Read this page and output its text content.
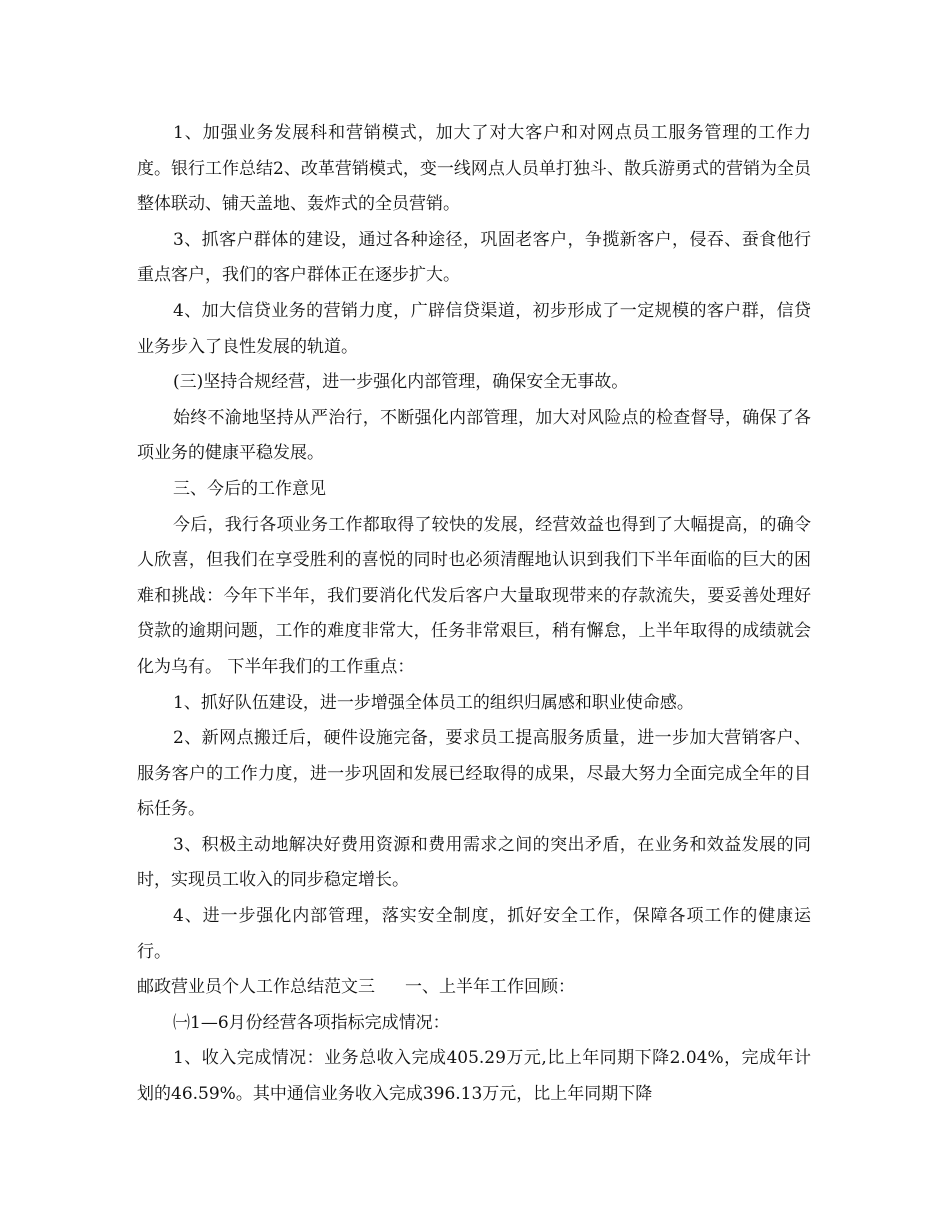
1、加强业务发展科和营销模式，加大了对大客户和对网点员工服务管理的工作力度。银行工作总结2、改革营销模式，变一线网点人员单打独斗、散兵游勇式的营销为全员整体联动、铺天盖地、轰炸式的全员营销。

3、抓客户群体的建设，通过各种途径，巩固老客户，争揽新客户，侵吞、蚕食他行重点客户，我们的客户群体正在逐步扩大。

4、加大信贷业务的营销力度，广辟信贷渠道，初步形成了一定规模的客户群，信贷业务步入了良性发展的轨道。

(三)坚持合规经营，进一步强化内部管理，确保安全无事故。

始终不渝地坚持从严治行，不断强化内部管理，加大对风险点的检查督导，确保了各项业务的健康平稳发展。

三、今后的工作意见

今后，我行各项业务工作都取得了较快的发展，经营效益也得到了大幅提高，的确令人欣喜，但我们在享受胜利的喜悦的同时也必须清醒地认识到我们下半年面临的巨大的困难和挑战：今年下半年，我们要消化代发后客户大量取现带来的存款流失，要妥善处理好贷款的逾期问题，工作的难度非常大，任务非常艰巨，稍有懈怠，上半年取得的成绩就会化为乌有。 下半年我们的工作重点：

1、抓好队伍建设，进一步增强全体员工的组织归属感和职业使命感。

2、新网点搬迁后，硬件设施完备，要求员工提高服务质量，进一步加大营销客户、服务客户的工作力度，进一步巩固和发展已经取得的成果，尽最大努力全面完成全年的目标任务。

3、积极主动地解决好费用资源和费用需求之间的突出矛盾，在业务和效益发展的同时，实现员工收入的同步稳定增长。

4、进一步强化内部管理，落实安全制度，抓好安全工作，保障各项工作的健康运行。

邮政营业员个人工作总结范文三 一、上半年工作回顾：

㈠1—6月份经营各项指标完成情况：

1、收入完成情况：业务总收入完成405.29万元,比上年同期下降2.04%，完成年计划的46.59%。其中通信业务收入完成396.13万元，比上年同期下降
